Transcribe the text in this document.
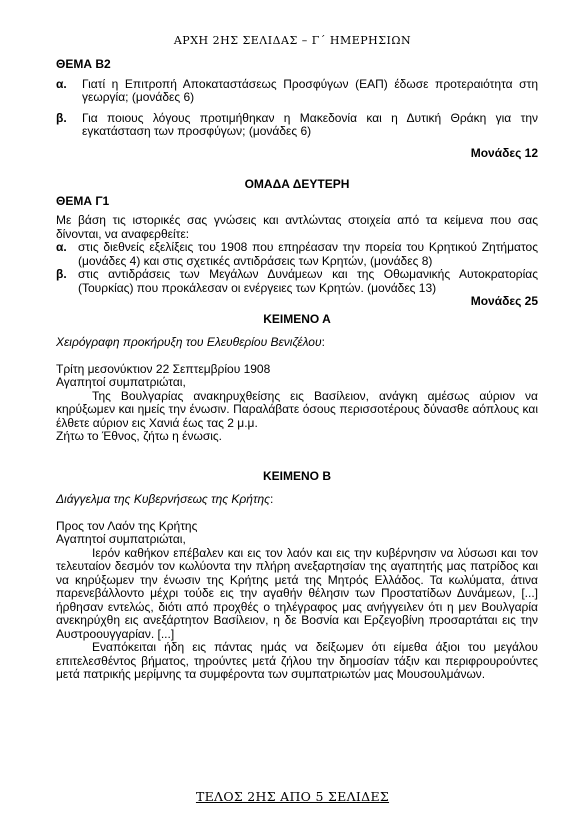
ΑΡΧΗ 2ΗΣ ΣΕΛΙΔΑΣ – Γ΄ ΗΜΕΡΗΣΙΩΝ
ΘΕΜΑ Β2
α.	Γιατί η Επιτροπή Αποκαταστάσεως Προσφύγων (ΕΑΠ) έδωσε προτεραιότητα στη γεωργία; (μονάδες 6)
β.	Για ποιους λόγους προτιμήθηκαν η Μακεδονία και η Δυτική Θράκη για την εγκατάσταση των προσφύγων; (μονάδες 6)
Μονάδες 12
ΟΜΑΔΑ ΔΕΥΤΕΡΗ
ΘΕΜΑ Γ1
Με βάση τις ιστορικές σας γνώσεις και αντλώντας στοιχεία από τα κείμενα που σας δίνονται, να αναφερθείτε:
α. στις διεθνείς εξελίξεις του 1908 που επηρέασαν την πορεία του Κρητικού Ζητήματος (μονάδες 4) και στις σχετικές αντιδράσεις των Κρητών, (μονάδες 8)
β. στις αντιδράσεις των Μεγάλων Δυνάμεων και της Οθωμανικής Αυτοκρατορίας (Τουρκίας) που προκάλεσαν οι ενέργειες των Κρητών. (μονάδες 13)
Μονάδες 25
ΚΕΙΜΕΝΟ Α
Χειρόγραφη προκήρυξη του Ελευθερίου Βενιζέλου:
Τρίτη μεσονύκτιον 22 Σεπτεμβρίου 1908
Αγαπητοί συμπατριώται,
Της Βουλγαρίας ανακηρυχθείσης εις Βασίλειον, ανάγκη αμέσως αύριον να κηρύξωμεν και ημείς την ένωσιν. Παραλάβατε όσους περισσοτέρους δύνασθε αόπλους και έλθετε αύριον εις Χανιά έως τας 2 μ.μ.
Ζήτω το Έθνος, ζήτω η ένωσις.
ΚΕΙΜΕΝΟ Β
Διάγγελμα της Κυβερνήσεως της Κρήτης:
Προς τον Λαόν της Κρήτης
Αγαπητοί συμπατριώται,
Ιερόν καθήκον επέβαλεν και εις τον λαόν και εις την κυβέρνησιν να λύσωσι και τον τελευταίον δεσμόν τον κωλύοντα την πλήρη ανεξαρτησίαν της αγαπητής μας πατρίδος και να κηρύξωμεν την ένωσιν της Κρήτης μετά της Μητρός Ελλάδος. Τα κωλύματα, άτινα παρενεβάλλοντο μέχρι τούδε εις την αγαθήν θέλησιν των Προστατίδων Δυνάμεων, [...] ήρθησαν εντελώς, διότι από προχθές ο τηλέγραφος μας ανήγγειλεν ότι η μεν Βουλγαρία ανεκηρύχθη εις ανεξάρτητον Βασίλειον, η δε Βοσνία και Ερζεγοβίνη προσαρτάται εις την Αυστροουγγαρίαν. [...]
Εναπόκειται ήδη εις πάντας ημάς να δείξωμεν ότι είμεθα άξιοι του μεγάλου επιτελεσθέντος βήματος, τηρούντες μετά ζήλου την δημοσίαν τάξιν και περιφρουρούντες μετά πατρικής μερίμνης τα συμφέροντα των συμπατριωτών μας Μουσουλμάνων.
ΤΕΛΟΣ 2ΗΣ ΑΠΟ 5 ΣΕΛΙΔΕΣ
